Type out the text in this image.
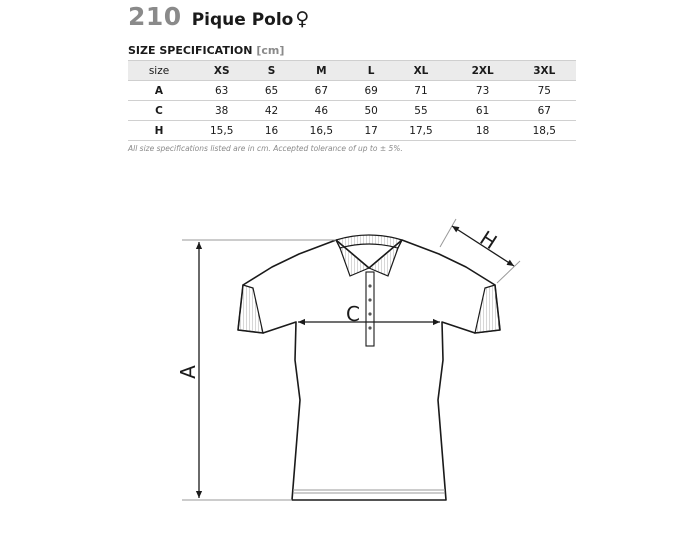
210 Pique Polo ♀
SIZE SPECIFICATION [cm]
size	XS	S	M	L	XL	2XL	3XL
A	63	65	67	69	71	73	75
C	38	42	46	50	55	61	67
H	15,5	16	16,5	17	17,5	18	18,5
All size specifications listed are in cm. Accepted tolerance of up to ± 5%.
A
C
H
